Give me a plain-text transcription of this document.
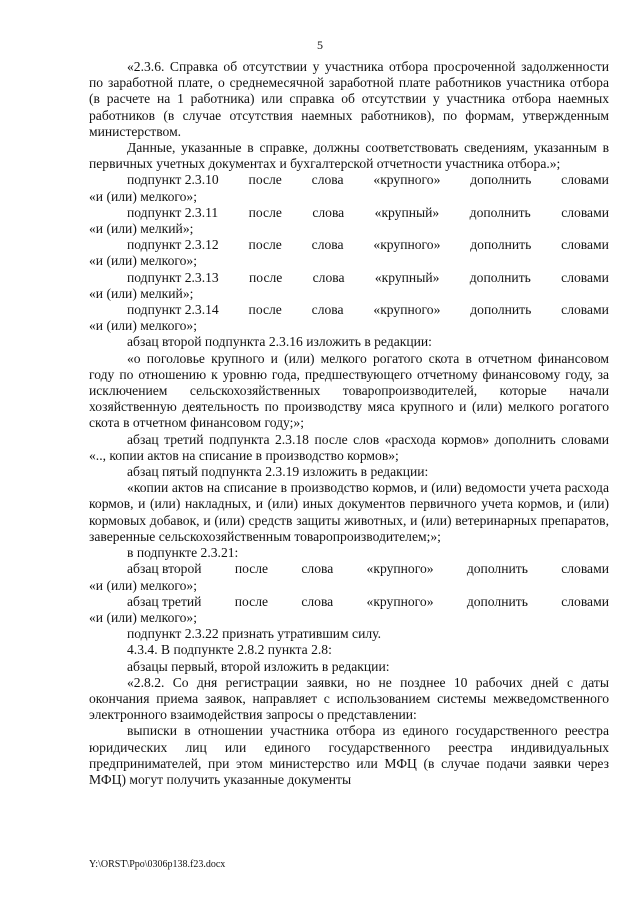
5

«2.3.6. Справка об отсутствии у участника отбора просроченной задолженности по заработной плате, о среднемесячной заработной плате работников участника отбора (в расчете на 1 работника) или справка об отсутствии у участника отбора наемных работников (в случае отсутствия наемных работников), по формам, утвержденным министерством.

Данные, указанные в справке, должны соответствовать сведениям, указанным в первичных учетных документах и бухгалтерской отчетности участника отбора.»;

подпункт 2.3.10 после слова «крупного» дополнить словами

«и (или) мелкого»;

подпункт 2.3.11 после слова «крупный» дополнить словами

«и (или) мелкий»;

подпункт 2.3.12 после слова «крупного» дополнить словами

«и (или) мелкого»;

подпункт 2.3.13 после слова «крупный» дополнить словами

«и (или) мелкий»;

подпункт 2.3.14 после слова «крупного» дополнить словами

«и (или) мелкого»;

абзац второй подпункта 2.3.16 изложить в редакции:

«о поголовье крупного и (или) мелкого рогатого скота в отчетном финансовом году по отношению к уровню года, предшествующего отчетному финансовому году, за исключением сельскохозяйственных товаропроизводителей, которые начали хозяйственную деятельность по производству мяса крупного и (или) мелкого рогатого скота в отчетном финансовом году;»;

абзац третий подпункта 2.3.18 после слов «расхода кормов» дополнить словами «.., копии актов на списание в производство кормов»;

абзац пятый подпункта 2.3.19 изложить в редакции:

«копии актов на списание в производство кормов, и (или) ведомости учета расхода кормов, и (или) накладных, и (или) иных документов первичного учета кормов, и (или) кормовых добавок, и (или) средств защиты животных, и (или) ветеринарных препаратов, заверенные сельскохозяйственным товаропроизводителем;»;

в подпункте 2.3.21:

абзац второй после слова «крупного» дополнить словами

«и (или) мелкого»;

абзац третий после слова «крупного» дополнить словами

«и (или) мелкого»;

подпункт 2.3.22 признать утратившим силу.

4.3.4. В подпункте 2.8.2 пункта 2.8:

абзацы первый, второй изложить в редакции:

«2.8.2. Со дня регистрации заявки, но не позднее 10 рабочих дней с даты окончания приема заявок, направляет с использованием системы межведомственного электронного взаимодействия запросы о представлении:

выписки в отношении участника отбора из единого государственного реестра юридических лиц или единого государственного реестра индивидуальных предпринимателей, при этом министерство или МФЦ (в случае подачи заявки через МФЦ) могут получить указанные документы

Y:\ORST\Ppo\0306p138.f23.docx
